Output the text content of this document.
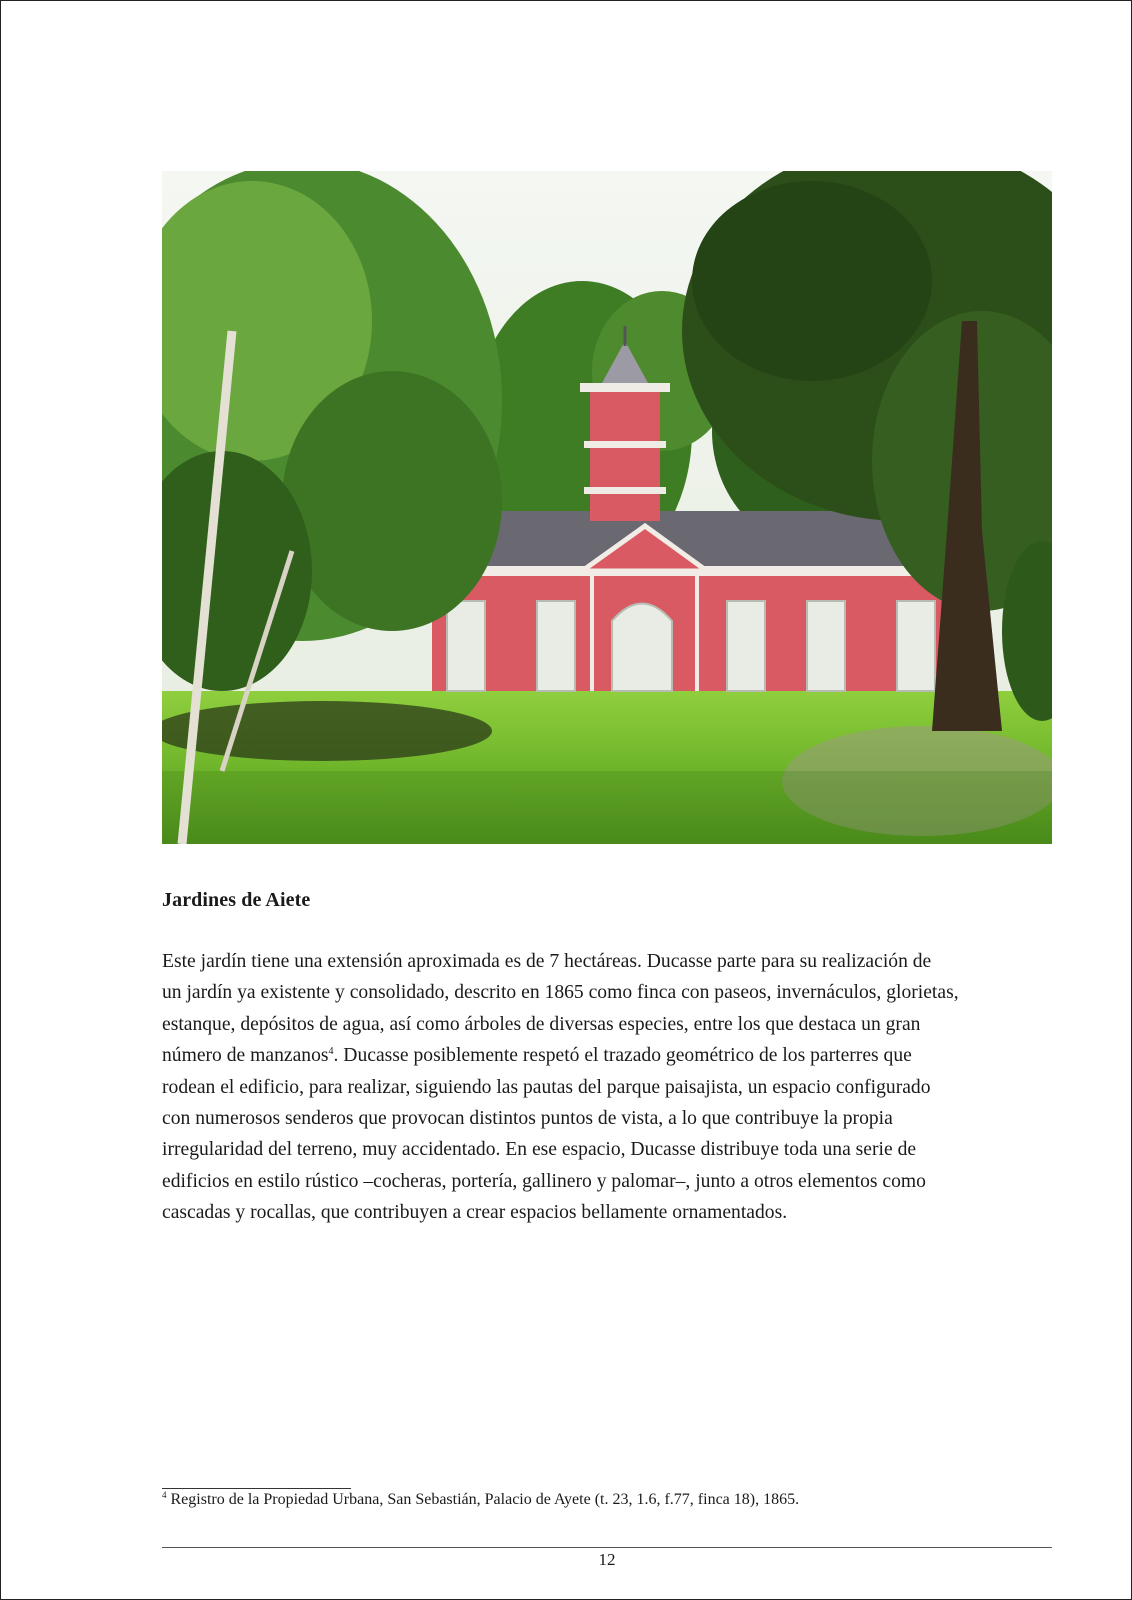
Jardines de Aiete
Este jardín tiene una extensión aproximada es de 7 hectáreas. Ducasse parte para su realización de
un jardín ya existente y consolidado, descrito en 1865 como finca con paseos, invernáculos, glorietas,
estanque, depósitos de agua, así como árboles de diversas especies, entre los que destaca un gran
número de manzanos$^4$. Ducasse posiblemente respetó el trazado geométrico de los parterres que
rodean el edificio, para realizar, siguiendo las pautas del parque paisajista, un espacio configurado
con numerosos senderos que provocan distintos puntos de vista, a lo que contribuye la propia
irregularidad del terreno, muy accidentado. En ese espacio, Ducasse distribuye toda una serie de
edificios en estilo rústico –cocheras, portería, gallinero y palomar–, junto a otros elementos como
cascadas y rocallas, que contribuyen a crear espacios bellamente ornamentados.
$^4$ Registro de la Propiedad Urbana, San Sebastián, Palacio de Ayete (t. 23, 1.6, f.77, finca 18), 1865.
12
